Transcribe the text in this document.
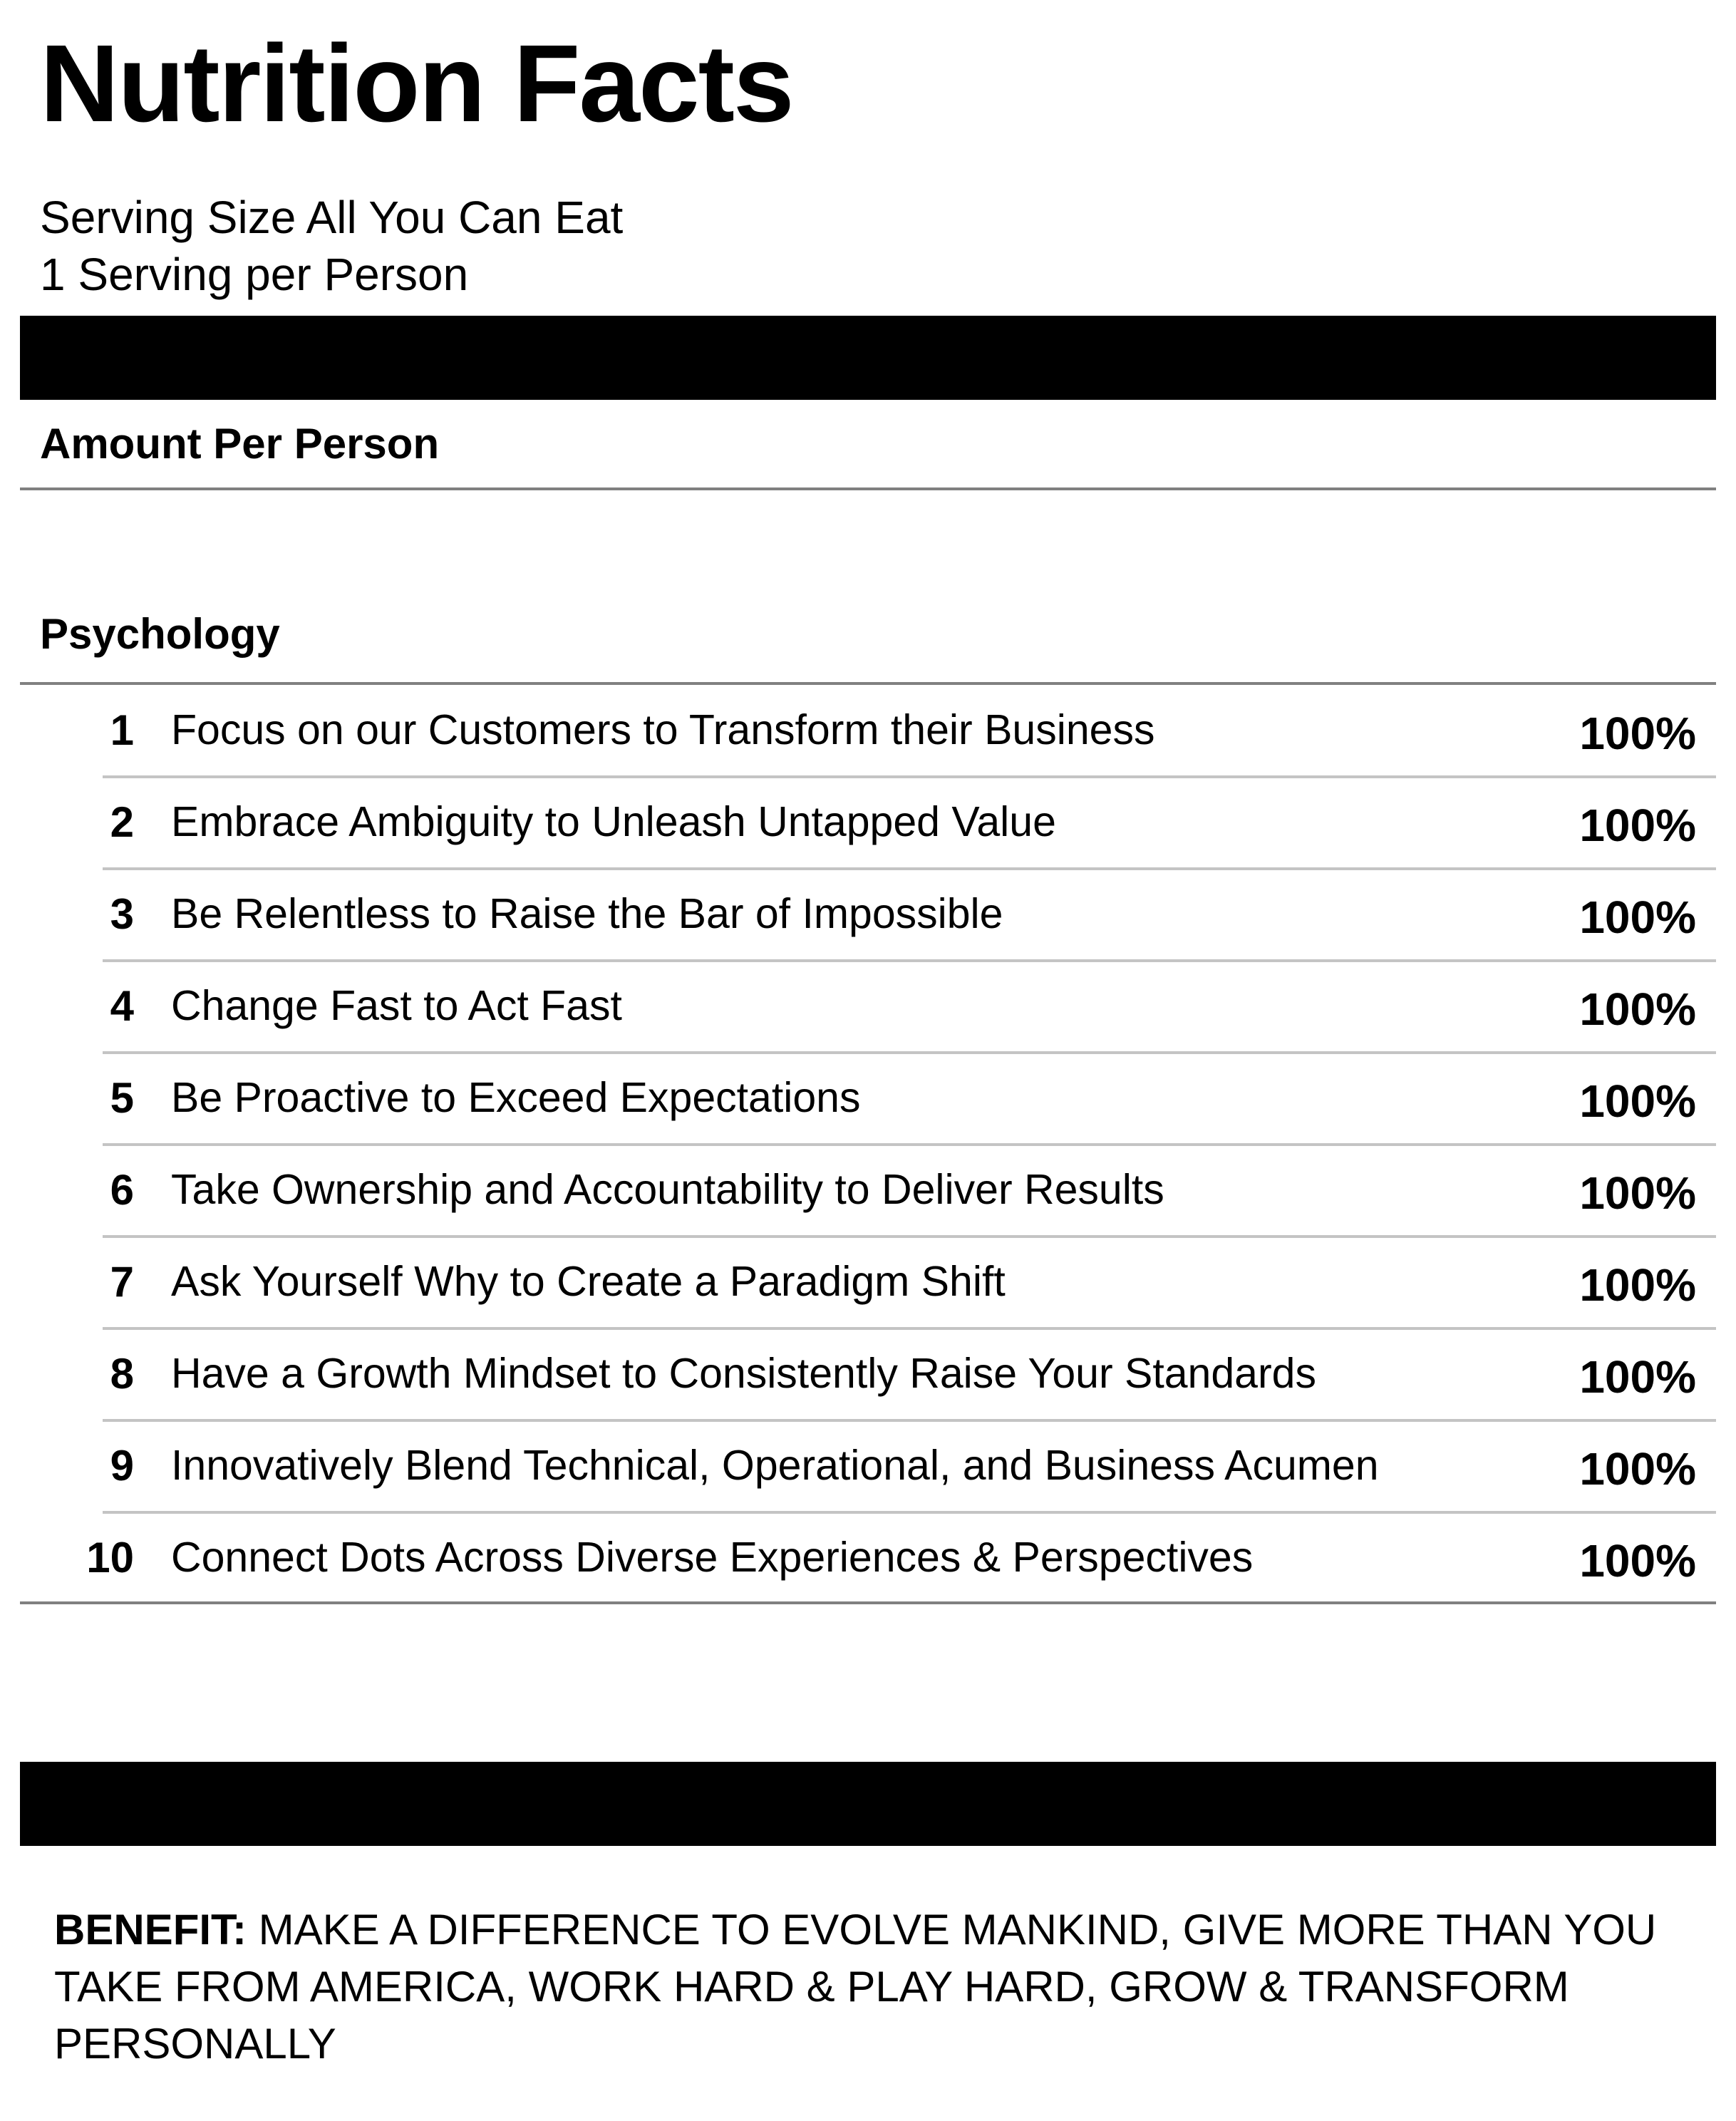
Nutrition Facts
Serving Size All You Can Eat
1 Serving per Person
Amount Per Person
Psychology
1 Focus on our Customers to Transform their Business	100%
2 Embrace Ambiguity to Unleash Untapped Value	100%
3 Be Relentless to Raise the Bar of Impossible	100%
4 Change Fast to Act Fast	100%
5 Be Proactive to Exceed Expectations	100%
6 Take Ownership and Accountability to Deliver Results	100%
7 Ask Yourself Why to Create a Paradigm Shift	100%
8 Have a Growth Mindset to Consistently Raise Your Standards	100%
9 Innovatively Blend Technical, Operational, and Business Acumen	100%
10 Connect Dots Across Diverse Experiences & Perspectives	100%
BENEFIT: MAKE A DIFFERENCE TO EVOLVE MANKIND, GIVE MORE THAN YOU TAKE FROM AMERICA, WORK HARD & PLAY HARD, GROW & TRANSFORM PERSONALLY
